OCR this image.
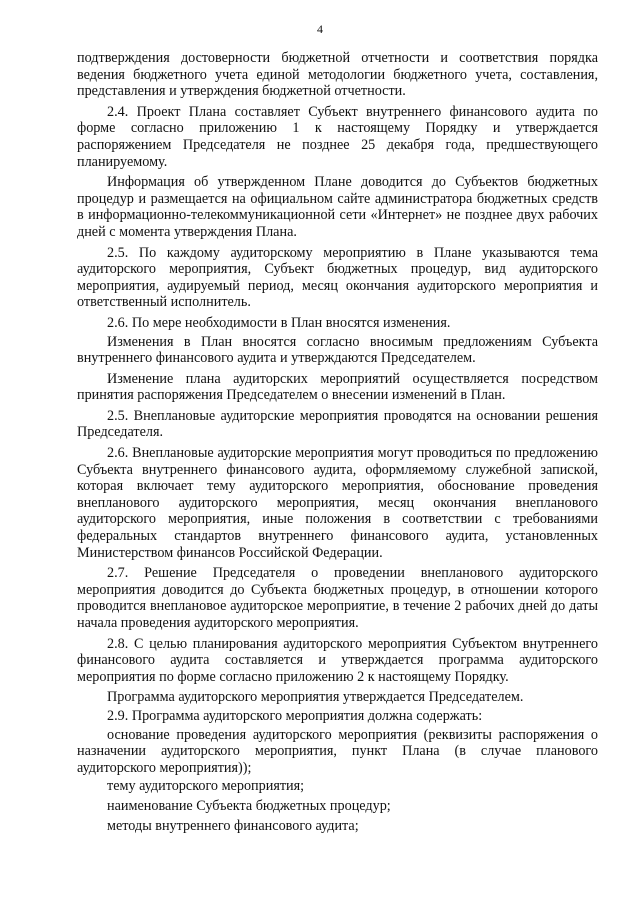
4

подтверждения достоверности бюджетной отчетности и соответствия порядка ведения бюджетного учета единой методологии бюджетного учета, составления, представления и утверждения бюджетной отчетности.

2.4. Проект Плана составляет Субъект внутреннего финансового аудита по форме согласно приложению 1 к настоящему Порядку и утверждается распоряжением Председателя не позднее 25 декабря года, предшествующего планируемому.

Информация об утвержденном Плане доводится до Субъектов бюджетных процедур и размещается на официальном сайте администратора бюджетных средств в информационно-телекоммуникационной сети «Интернет» не позднее двух рабочих дней с момента утверждения Плана.

2.5. По каждому аудиторскому мероприятию в Плане указываются тема аудиторского мероприятия, Субъект бюджетных процедур, вид аудиторского мероприятия, аудируемый период, месяц окончания аудиторского мероприятия и ответственный исполнитель.

2.6. По мере необходимости в План вносятся изменения.

Изменения в План вносятся согласно вносимым предложениям Субъекта внутреннего финансового аудита и утверждаются Председателем.

Изменение плана аудиторских мероприятий осуществляется посредством принятия распоряжения Председателем о внесении изменений в План.

2.5. Внеплановые аудиторские мероприятия проводятся на основании решения Председателя.

2.6. Внеплановые аудиторские мероприятия могут проводиться по предложению Субъекта внутреннего финансового аудита, оформляемому служебной запиской, которая включает тему аудиторского мероприятия, обоснование проведения внепланового аудиторского мероприятия, месяц окончания внепланового аудиторского мероприятия, иные положения в соответствии с требованиями федеральных стандартов внутреннего финансового аудита, установленных Министерством финансов Российской Федерации.

2.7. Решение Председателя о проведении внепланового аудиторского мероприятия доводится до Субъекта бюджетных процедур, в отношении которого проводится внеплановое аудиторское мероприятие, в течение 2 рабочих дней до даты начала проведения аудиторского мероприятия.

2.8. С целью планирования аудиторского мероприятия Субъектом внутреннего финансового аудита составляется и утверждается программа аудиторского мероприятия по форме согласно приложению 2 к настоящему Порядку.

Программа аудиторского мероприятия утверждается Председателем.

2.9. Программа аудиторского мероприятия должна содержать:

основание проведения аудиторского мероприятия (реквизиты распоряжения о назначении аудиторского мероприятия, пункт Плана (в случае планового аудиторского мероприятия));

тему аудиторского мероприятия;

наименование Субъекта бюджетных процедур;

методы внутреннего финансового аудита;
